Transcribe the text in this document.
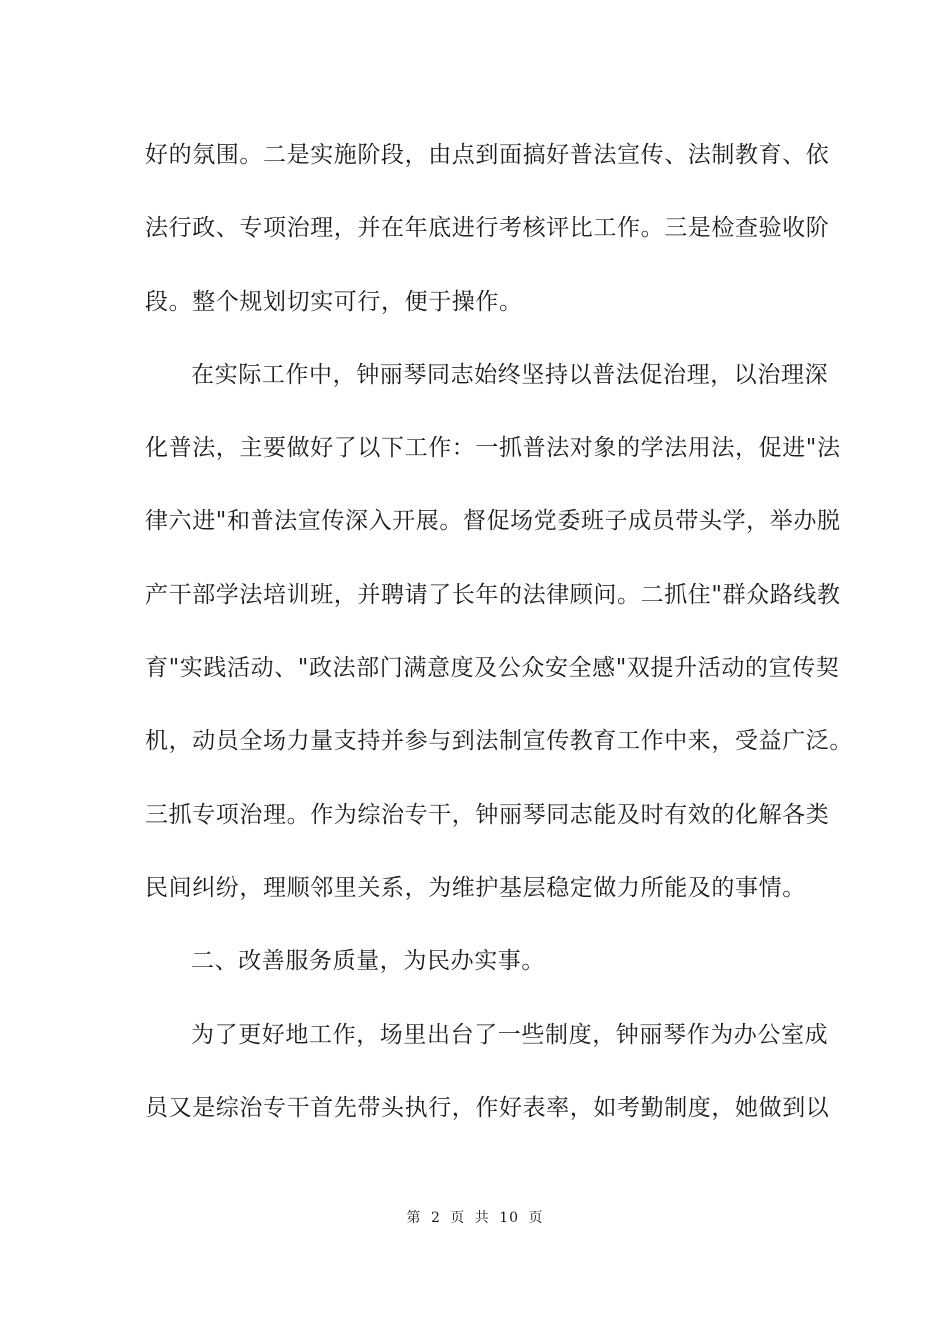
好的氛围。二是实施阶段，由点到面搞好普法宣传、法制教育、依
法行政、专项治理，并在年底进行考核评比工作。三是检查验收阶
段。整个规划切实可行，便于操作。
在实际工作中，钟丽琴同志始终坚持以普法促治理，以治理深
化普法，主要做好了以下工作：一抓普法对象的学法用法，促进"法
律六进"和普法宣传深入开展。督促场党委班子成员带头学，举办脱
产干部学法培训班，并聘请了长年的法律顾问。二抓住"群众路线教
育"实践活动、"政法部门满意度及公众安全感"双提升活动的宣传契
机，动员全场力量支持并参与到法制宣传教育工作中来，受益广泛。
三抓专项治理。作为综治专干，钟丽琴同志能及时有效的化解各类
民间纠纷，理顺邻里关系，为维护基层稳定做力所能及的事情。
二、改善服务质量，为民办实事。
为了更好地工作，场里出台了一些制度，钟丽琴作为办公室成
员又是综治专干首先带头执行，作好表率，如考勤制度，她做到以
第 2 页 共 10 页
